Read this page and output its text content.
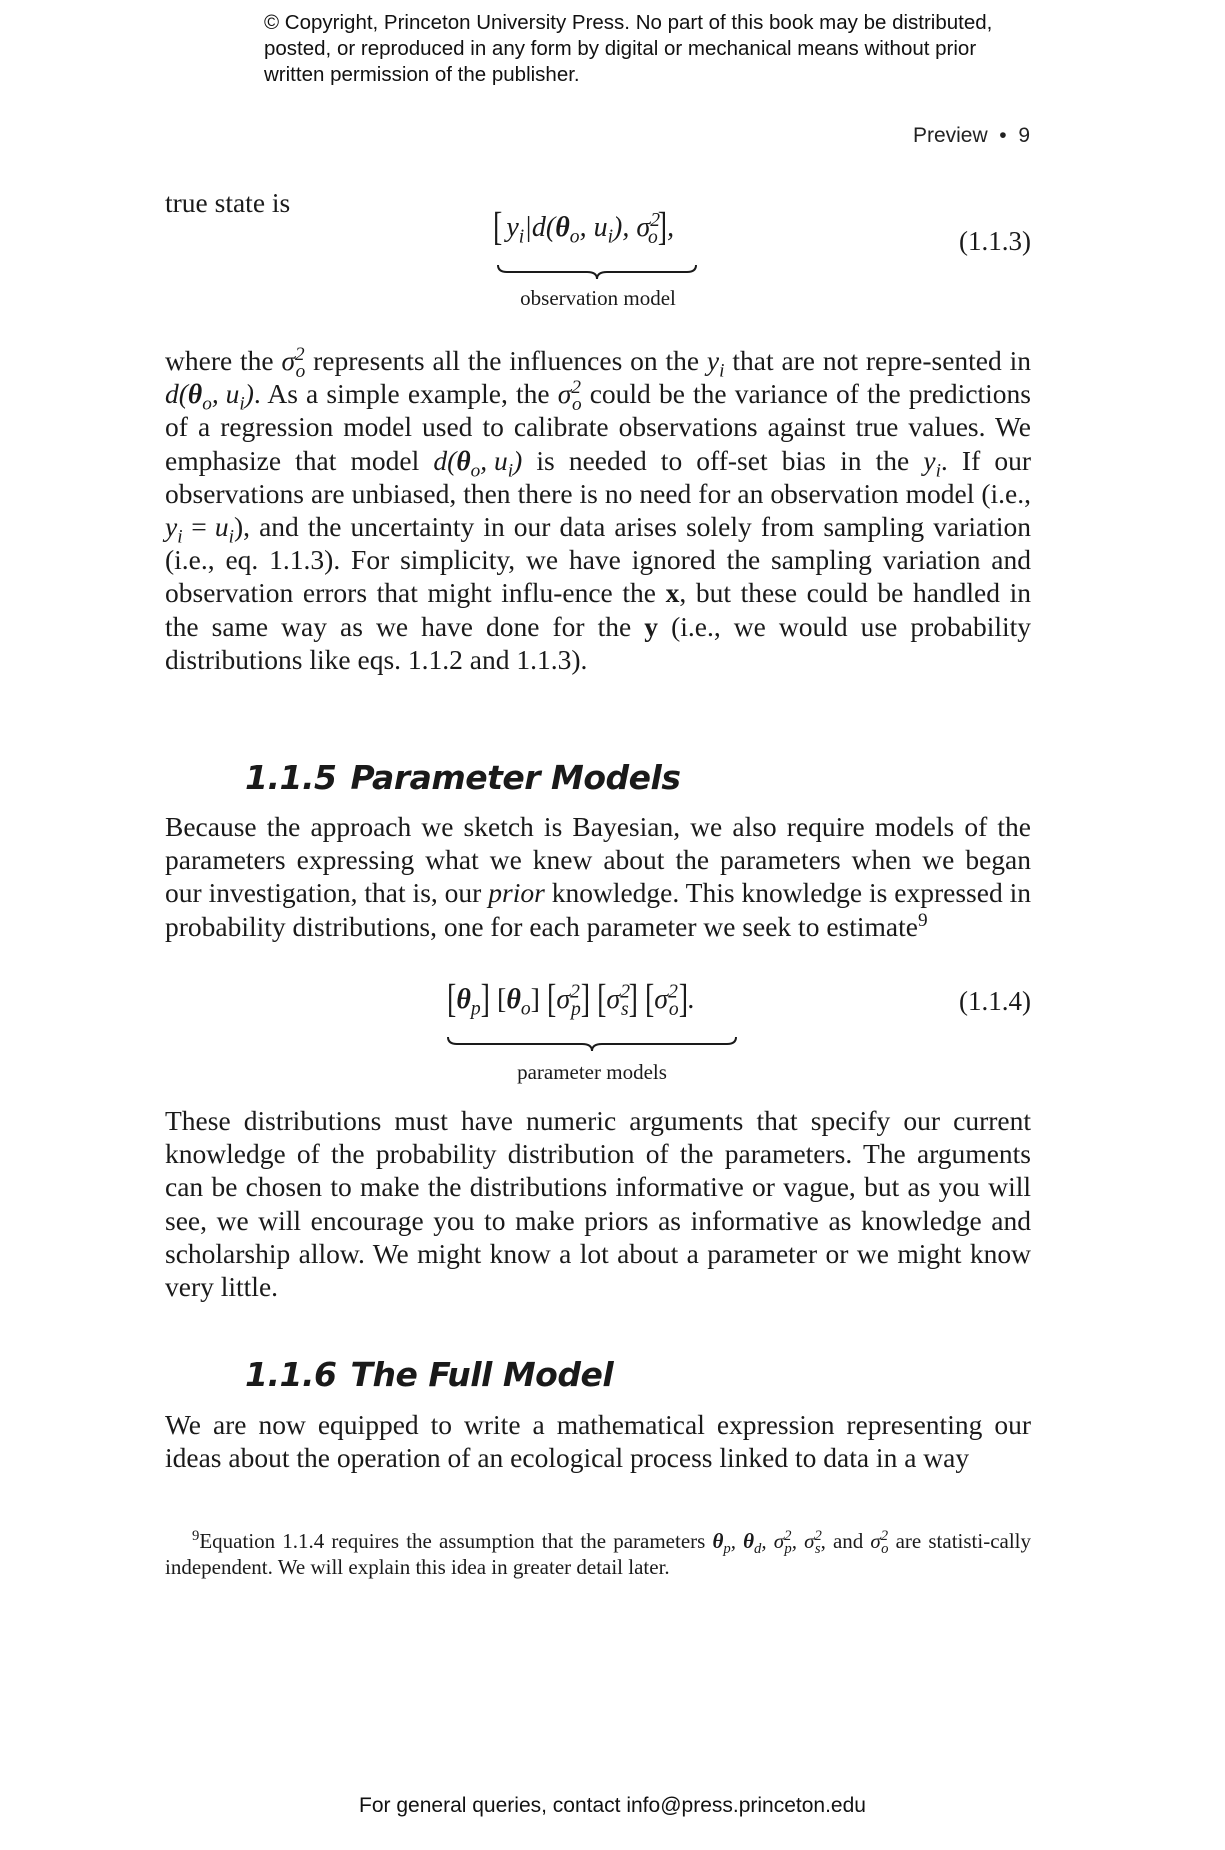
© Copyright, Princeton University Press. No part of this book may be distributed, posted, or reproduced in any form by digital or mechanical means without prior written permission of the publisher.
Preview  •  9
true state is
[ $y_i|d(\theta_o$, $u_i$), $\sigma^2_o$],
observation model
(1.1.3)

where the $\sigma^2_o$ represents all the influences on the $y_i$ that are not repre-sented in $d(\theta_o$, $u_i$). As a simple example, the $\sigma^2_o$ could be the variance of the predictions of a regression model used to calibrate observations against true values. We emphasize that model $d(\theta_o$, $u_i$) is needed to off-set bias in the $y_i$. If our observations are unbiased, then there is no need for an observation model (i.e., $y_i = u_i$), and the uncertainty in our data arises solely from sampling variation (i.e., eq. 1.1.3). For simplicity, we have ignored the sampling variation and observation errors that might influ-ence the x, but these could be handled in the same way as we have done for the y (i.e., we would use probability distributions like eqs. 1.1.2 and 1.1.3).

1.1.5 Parameter Models

Because the approach we sketch is Bayesian, we also require models of the parameters expressing what we knew about the parameters when we began our investigation, that is, our prior knowledge. This knowledge is expressed in probability distributions, one for each parameter we seek to estimate$^9$

$[\theta_p]$ $[\theta_o]$ $[\sigma^2_p]$ $[\sigma^2_s]$ $[\sigma^2_o]$.
parameter models
(1.1.4)

These distributions must have numeric arguments that specify our current knowledge of the probability distribution of the parameters. The arguments can be chosen to make the distributions informative or vague, but as you will see, we will encourage you to make priors as informative as knowledge and scholarship allow. We might know a lot about a parameter or we might know very little.

1.1.6 The Full Model

We are now equipped to write a mathematical expression representing our ideas about the operation of an ecological process linked to data in a way

$^9$Equation 1.1.4 requires the assumption that the parameters $\theta_p$, $\theta_d$, $\sigma^2_p$, $\sigma^2_s$, and $\sigma^2_o$ are statisti-cally independent. We will explain this idea in greater detail later.
For general queries, contact info@press.princeton.edu
